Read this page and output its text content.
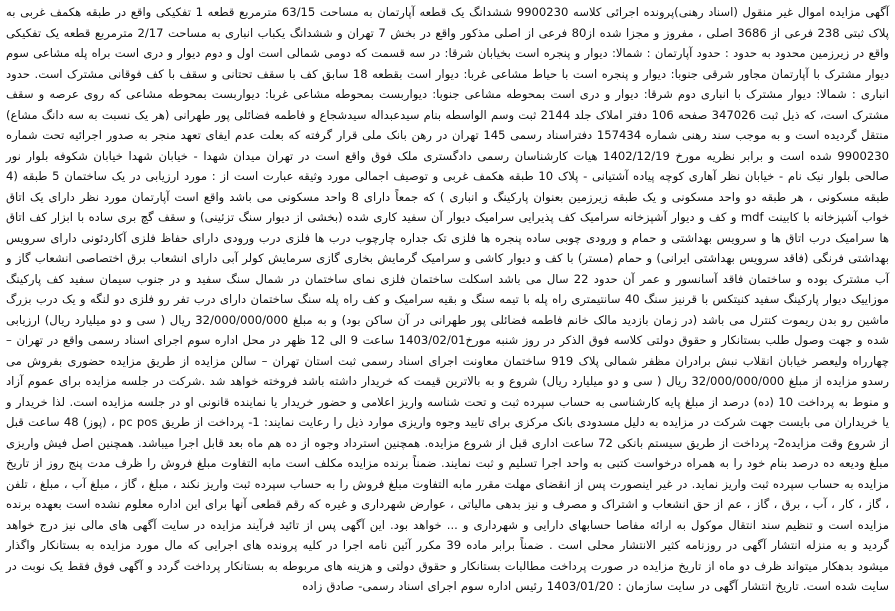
آگهی مزایده اموال غیر منقول (اسناد رهنی)پرونده اجرائی کلاسه 9900230 ششدانگ یک قطعه آپارتمان به مساحت 63/15 مترمربع قطعه 1 تفکیکی واقع در طبقه هکمف غربی به پلاک ثبتی 238 فرعی از 3686 اصلی ، مفروز و مجزا شده از80 فرعی از اصلی مذکور واقع در بخش 7 تهران و ششدانگ یکباب انباری به مساحت 2/17 مترمربع قطعه یک تفکیکی واقع در زیرزمین محدود به حدود : حدود آپارتمان : شمالا: دیوار و پنجره است بخیابان شرقا: در سه قسمت که دومی شمالی است اول و دوم دیوار و دری است براه پله مشاعی سوم دیوار مشترک با آپارتمان مجاور شرقی جنوبا: دیوار و پنجره است با حیاط مشاعی غربا: دیوار است بقطعه 18 سابق کف با سقف تحتانی و سقف با کف فوقانی مشترک است. حدود انباری : شمالا: دیوار مشترک با انباری دوم شرقا: دیوار و دری است بمحوطه مشاعی جنوبا: دیواربست بمحوطه مشاعی غربا: دیواربست بمحوطه مشاعی که روی عرصه و سقف مشترک است، که ذیل ثبت 347026 صفحه 106 دفتر املاک جلد 2144 ثبت وسم الواسطه بنام سیدعبداله سیدشجاع و فاطمه فضائلی پور طهرانی (هر یک نسبت به سه دانگ مشاع) منتقل گردیده است و به موجب سند رهنی شماره 157434 دفتراسناد رسمی 145 تهران در رهن بانک ملی قرار گرفته که بعلت عدم ایفای تعهد منجر به صدور اجرائیه تحت شماره 9900230 شده است و برابر نظریه مورخ 1402/12/19 هیات کارشناسان رسمی دادگستری ملک فوق واقع است در تهران میدان شهدا - خیابان شهدا خیابان شکوفه بلوار نور صالحی بلوار نیک نام - خیابان نظر آهاری کوچه پیاده آشتیانی - پلاک 10 طبقه هکمف غربی و توصیف اجمالی مورد وثیقه عبارت است از : مورد ارزیابی در یک ساختمان 5 طبقه (4 طبقه مسکونی ، هر طبقه دو واحد مسکونی و یک طبقه زیرزمین بعنوان پارکینگ و انباری ) که جمعاً دارای 8 واحد مسکونی می باشد واقع است آپارتمان مورد نظر دارای یک اتاق خواب آشپزخانه با کابینت mdf و کف و دیوار آشپزخانه سرامیک کف پذیرایی سرامیک دیوار آن سفید کاری شده (بخشی از دیوار سنگ تزئینی) و سقف گچ بری ساده با ابزار کف اتاق ها سرامیک درب اتاق ها و سرویس بهداشتی و حمام و ورودی چوبی ساده پنجره ها فلزی تک جداره چارچوب درب ها فلزی درب ورودی دارای حفاظ فلزی آکاردئونی دارای سرویس بهداشتی فرنگی (فاقد سرویس بهداشتی ایرانی) و حمام (مستر) با کف و دیوار کاشی و سرامیک گرمایش بخاری گازی سرمایش کولر آبی دارای انشعاب برق اختصاصی انشعاب گاز و آب مشترک بوده و ساختمان فاقد آسانسور و عمر آن حدود 22 سال می باشد اسکلت ساختمان فلزی نمای ساختمان در شمال سنگ سفید و در جنوب سیمان سفید کف پارکینگ موزاییک دیوار پارکینگ سفید کنیتکس با قرنیز سنگ 40 سانتیمتری راه پله با تیمه سنگ و بقیه سرامیک و کف راه پله سنگ ساختمان دارای درب تفر رو فلزی دو لنگه و یک درب بزرگ ماشین رو بدن ریموت کنترل می باشد (در زمان بازدید مالک خانم فاطمه فضائلی پور طهرانی در آن ساکن بود) و به مبلغ 32/000/000/000 ریال ( سی و دو میلیارد ریال) ارزیابی شده و جهت وصول طلب بستانکار و حقوق دولتی کلاسه فوق الذکر در روز شنبه مورخ1403/02/01 ساعت 9 الی 12 ظهر در محل اداره سوم اجرای اسناد رسمی واقع در تهران – چهارراه ولیعصر خیابان انقلاب نبش برادران مظفر شمالی پلاک 919 ساختمان معاونت اجرای اسناد رسمی ثبت استان تهران – سالن مزایده از طریق مزایده حضوری بفروش می رسدو مزایده از مبلغ 32/000/000/000 ریال ( سی و دو میلیارد ریال) شروع و به بالاترین قیمت که خریدار داشته باشد فروخته خواهد شد .شرکت در جلسه مزایده برای عموم آزاد و منوط به پرداخت 10 (ده) درصد از مبلغ پایه کارشناسی به حساب سپرده ثبت و تحت شناسه واریز اعلامی و حضور خریدار یا نماینده قانونی او در جلسه مزایده است. لذا خریدار و یا خریداران می بایست جهت شرکت در مزایده به دلیل مسدودی بانک مرکزی برای تایید وجوه واریزی موارد ذیل را رعایت نمایند: 1- پرداخت از طریق pc pos ، (پوز) 48 ساعت قبل از شروع وقت مزایده2- پرداخت از طریق سیستم بانکی 72 ساعت اداری قبل از شروع مزایده. همچنین استرداد وجوه از ده هم ماه بعد قابل اجرا میباشد. همچنین اصل فیش واریزی مبلغ ودیعه ده درصد بنام خود را به همراه درخواست کتبی به واحد اجرا تسلیم و ثبت نمایند. ضمناً برنده مزایده مکلف است مابه التفاوت مبلغ فروش را ظرف مدت پنج روز از تاریخ مزایده به حساب سپرده ثبت واریز نماید. در غیر اینصورت پس از انقضای مهلت مقرر مابه التفاوت مبلغ فروش را به حساب سپرده ثبت واریز نکند ، مبلغ ، گاز ، مبلغ آب ، مبلغ ، تلفن ، گاز ، کار ، آب ، برق ، گاز ، عم از حق انشعاب و اشتراک و مصرف و نیز بدهی مالیاتی ، عوارض شهرداری و غیره که رقم قطعی آنها برای این اداره معلوم نشده است بعهده برنده مزایده است و تنظیم سند انتقال موکول به ارائه مفاصا حسابهای دارایی و شهرداری و ... خواهد بود. این آگهی پس از تائید فرآیند مزایده در سایت آگهی های مالی نیز درج خواهد گردید و به منزله انتشار آگهی در روزنامه کثیر الانتشار محلی است . ضمناً برابر ماده 39 مکرر آئین نامه اجرا در کلیه پرونده های اجرایی که مال مورد مزایده به بستانکار واگذار میشود بدهکار میتواند ظرف دو ماه از تاریخ مزایده در صورت پرداخت مطالبات بستانکار و حقوق دولتی و هزینه های مربوطه به بستانکار پرداخت گردد و آگهی فوق فقط یک نوبت در سایت شده است. تاریخ انتشار آگهی در سایت سازمان : 1403/01/20 رئیس اداره سوم اجرای اسناد رسمی- صادق زاده
